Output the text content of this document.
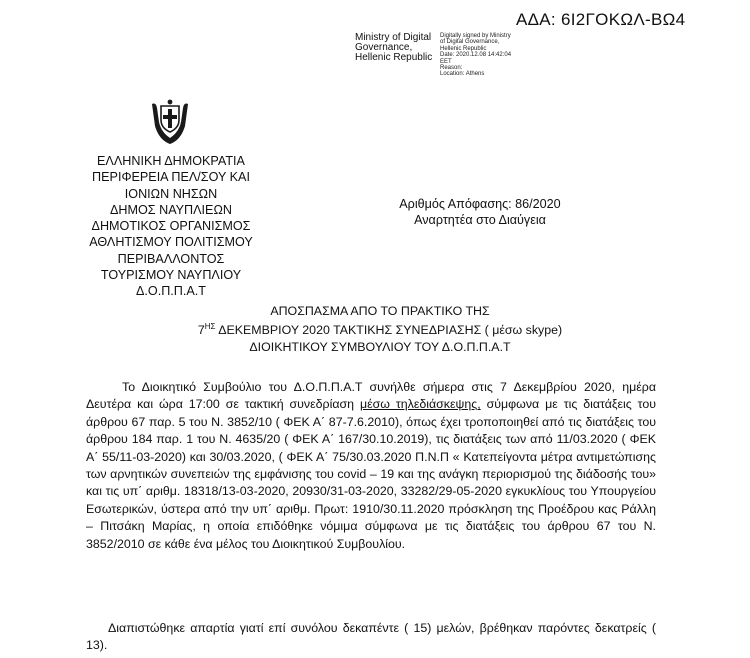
ΑΔΑ: 6Ι2ΓΟΚΩΛ-ΒΩ4
Ministry of Digital
Governance,
Hellenic Republic
Digitally signed by Ministry
of Digital Governance,
Hellenic Republic
Date: 2020.12.08 14:42:04
EET
Reason:
Location: Athens
ΕΛΛΗΝΙΚΗ ΔΗΜΟΚΡΑΤΙΑ
ΠΕΡΙΦΕΡΕΙΑ ΠΕΛ/ΣΟΥ ΚΑΙ
ΙΟΝΙΩΝ ΝΗΣΩΝ
ΔΗΜΟΣ ΝΑΥΠΛΙΕΩΝ
ΔΗΜΟΤΙΚΟΣ ΟΡΓΑΝΙΣΜΟΣ
ΑΘΛΗΤΙΣΜΟΥ ΠΟΛΙΤΙΣΜΟΥ
ΠΕΡΙΒΑΛΛΟΝΤΟΣ
ΤΟΥΡΙΣΜΟΥ ΝΑΥΠΛΙΟΥ
Δ.Ο.Π.Π.Α.Τ
Αριθμός Απόφασης: 86/2020
Αναρτητέα στο Διαύγεια
ΑΠΟΣΠΑΣΜΑ ΑΠΟ ΤΟ ΠΡΑΚΤΙΚΟ ΤΗΣ
$7^{H\Sigma}$ ΔΕΚΕΜΒΡΙΟΥ 2020 ΤΑΚΤΙΚΗΣ ΣΥΝΕΔΡΙΑΣΗΣ ( μέσω skype)
ΔΙΟΙΚΗΤΙΚΟΥ ΣΥΜΒΟΥΛΙΟΥ ΤΟΥ Δ.Ο.Π.Π.Α.Τ
Το Διοικητικό Συμβούλιο του Δ.Ο.Π.Π.Α.Τ συνήλθε σήμερα στις 7 Δεκεμβρίου 2020, ημέρα Δευτέρα και ώρα 17:00 σε τακτική συνεδρίαση μέσω τηλεδιάσκεψης, σύμφωνα με τις διατάξεις του άρθρου 67 παρ. 5 του Ν. 3852/10 ( ΦΕΚ Α΄ 87-7.6.2010), όπως έχει τροποποιηθεί από τις διατάξεις του άρθρου 184 παρ. 1 του Ν. 4635/20 ( ΦΕΚ Α΄ 167/30.10.2019), τις διατάξεις των από 11/03.2020 ( ΦΕΚ Α΄ 55/11-03-2020) και 30/03.2020, ( ΦΕΚ Α΄ 75/30.03.2020 Π.Ν.Π « Κατεπείγοντα μέτρα αντιμετώπισης των αρνητικών συνεπειών της εμφάνισης του covid – 19 και της ανάγκη περιορισμού της διάδοσής του» και τις υπ΄ αριθμ. 18318/13-03-2020, 20930/31-03-2020, 33282/29-05-2020 εγκυκλίους του Υπουργείου Εσωτερικών, ύστερα από την υπ΄ αριθμ. Πρωτ: 1910/30.11.2020 πρόσκληση της Προέδρου κας Ράλλη – Πιτσάκη Μαρίας, η οποία επιδόθηκε νόμιμα σύμφωνα με τις διατάξεις του άρθρου 67 του Ν. 3852/2010 σε κάθε ένα μέλος του Διοικητικού Συμβουλίου.
Διαπιστώθηκε απαρτία γιατί επί συνόλου δεκαπέντε ( 15) μελών, βρέθηκαν παρόντες δεκατρείς ( 13).
